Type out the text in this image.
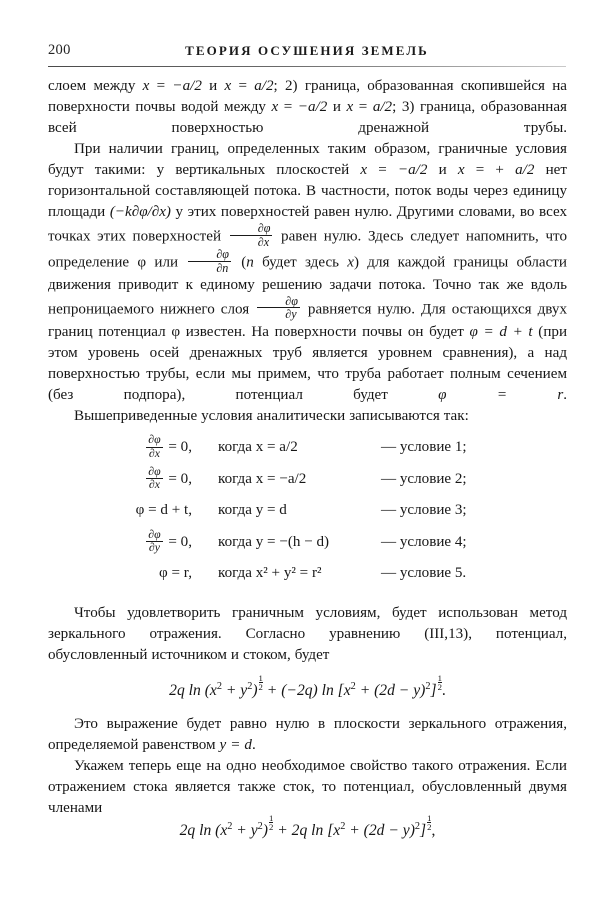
200	ТЕОРИЯ ОСУШЕНИЯ ЗЕМЕЛЬ

слоем между x = −a/2 и x = a/2; 2) граница, образованная скопившейся на поверхности почвы водой между x = −a/2 и x = a/2; 3) граница, образованная всей поверхностью дренажной трубы.

При наличии границ, определенных таким образом, граничные условия будут такими: у вертикальных плоскостей x = −a/2 и x = + a/2 нет горизонтальной составляющей потока. В частности, поток воды через единицу площади (−k∂φ/∂x) у этих поверхностей равен нулю. Другими словами, во всех точках этих поверхностей $\frac{\partial\varphi}{\partial x}$ равен нулю. Здесь следует напомнить, что определение φ или $\frac{\partial\varphi}{\partial n} (n$ будет здесь x) для каждой границы области движения приводит к единому решению задачи потока. Точно так же вдоль непроницаемого нижнего слоя $\frac{\partial\varphi}{\partial y}$ равняется нулю. Для остающихся двух границ потенциал φ известен. На поверхности почвы он будет φ = d + t (при этом уровень осей дренажных труб является уровнем сравнения), а над поверхностью трубы, если мы примем, что труба работает полным сечением (без подпора), потенциал будет φ = r.

Вышеприведенные условия аналитически записываются так:

$\frac{\partial\varphi}{\partial x} = 0$,	когда x = a/2	— условие 1;
$\frac{\partial\varphi}{\partial x} = 0$,	когда x = −a/2	— условие 2;
φ = d + t,	когда y = d	— условие 3;
$\frac{\partial\varphi}{\partial y} = 0$,	когда y = −(h − d)	— условие 4;
φ = r,	когда x² + y² = r²	— условие 5.

Чтобы удовлетворить граничным условиям, будет использован метод зеркального отражения. Согласно уравнению (III,13), потенциал, обусловленный источником и стоком, будет

2q $\ln (x^2 + y^2) \frac{1}{2} + (-2q)$ $\ln [x^2 + (2d - y)^2] \frac{1}{2}$ .

Это выражение будет равно нулю в плоскости зеркального отражения, определяемой равенством y = d.

Укажем теперь еще на одно необходимое свойство такого отражения. Если отражением стока является также сток, то потенциал, обусловленный двумя членами

2q $\ln (x^2 + y^2) \frac{1}{2} + 2q$ $\ln [x^2 + (2d - y)^2] \frac{1}{2}$ ,
